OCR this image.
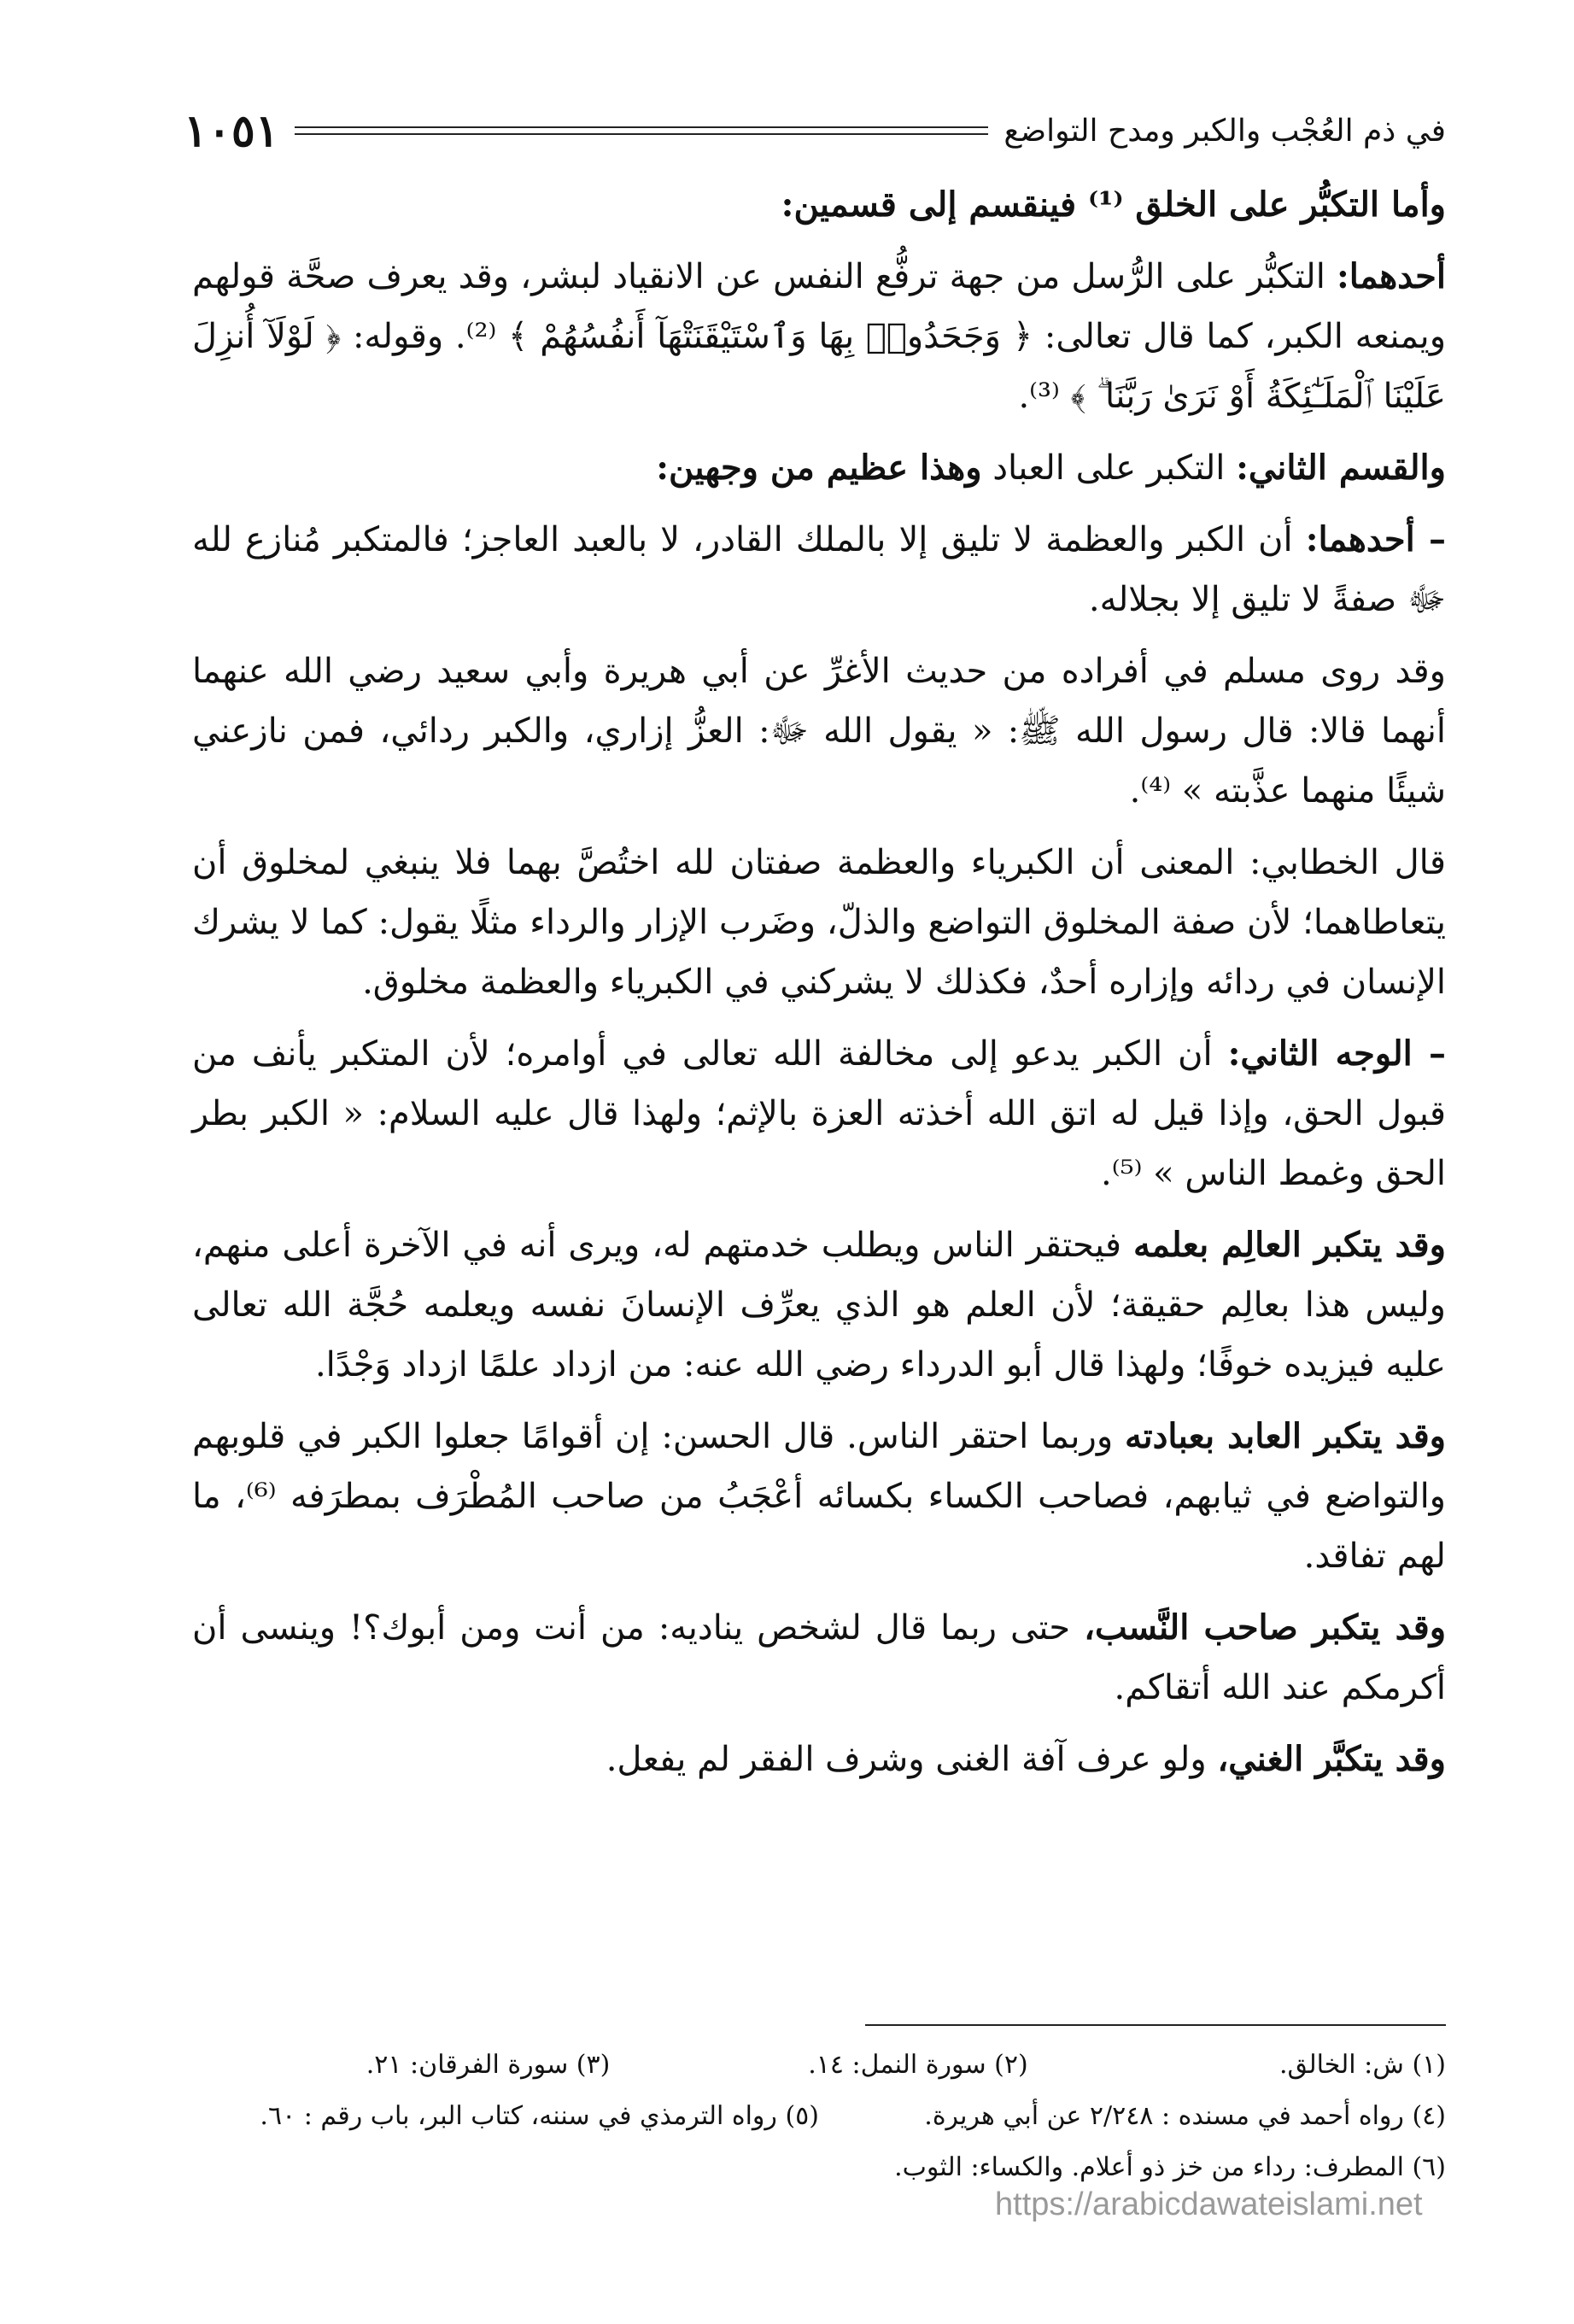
في ذم العُجْب والكبر ومدح التواضع
١٠٥١

وأما التكبُّر على الخلق ⁽¹⁾ فينقسم إلى قسمين:

أحدهما: التكبُّر على الرُّسل من جهة ترفُّع النفس عن الانقياد لبشر، وقد يعرف صحَّة قولهم ويمنعه الكبر، كما قال تعالى: ﴿ وَجَحَدُوا۟ بِهَا وَٱسْتَيْقَنَتْهَآ أَنفُسُهُمْ ﴾ ⁽²⁾. وقوله: ﴿ لَوْلَآ أُنزِلَ عَلَيْنَا ٱلْمَلَـٰٓئِكَةُ أَوْ نَرَىٰ رَبَّنَا ۗ ﴾ ⁽³⁾.

والقسم الثاني: التكبر على العباد وهذا عظيم من وجهين:

– أحدهما: أن الكبر والعظمة لا تليق إلا بالملك القادر، لا بالعبد العاجز؛ فالمتكبر مُنازع لله ﷻ صفةً لا تليق إلا بجلاله.

وقد روى مسلم في أفراده من حديث الأغرِّ عن أبي هريرة وأبي سعيد رضي الله عنهما أنهما قالا: قال رسول الله ﷺ: « يقول الله ﷻ: العزُّ إزاري، والكبر ردائي، فمن نازعني شيئًا منهما عذَّبته » ⁽⁴⁾.

قال الخطابي: المعنى أن الكبرياء والعظمة صفتان لله اختُصَّ بهما فلا ينبغي لمخلوق أن يتعاطاهما؛ لأن صفة المخلوق التواضع والذلّ، وضَرب الإزار والرداء مثلًا يقول: كما لا يشرك الإنسان في ردائه وإزاره أحدٌ، فكذلك لا يشركني في الكبرياء والعظمة مخلوق.

– الوجه الثاني: أن الكبر يدعو إلى مخالفة الله تعالى في أوامره؛ لأن المتكبر يأنف من قبول الحق، وإذا قيل له اتق الله أخذته العزة بالإثم؛ ولهذا قال عليه السلام: « الكبر بطر الحق وغمط الناس » ⁽⁵⁾.

وقد يتكبر العالِم بعلمه فيحتقر الناس ويطلب خدمتهم له، ويرى أنه في الآخرة أعلى منهم، وليس هذا بعالِم حقيقة؛ لأن العلم هو الذي يعرِّف الإنسانَ نفسه ويعلمه حُجَّة الله تعالى عليه فيزيده خوفًا؛ ولهذا قال أبو الدرداء رضي الله عنه: من ازداد علمًا ازداد وَجْدًا.

وقد يتكبر العابد بعبادته وربما احتقر الناس. قال الحسن: إن أقوامًا جعلوا الكبر في قلوبهم والتواضع في ثيابهم، فصاحب الكساء بكسائه أعْجَبُ من صاحب المُطْرَف بمطرَفه ⁽⁶⁾، ما لهم تفاقد.

وقد يتكبر صاحب النَّسب، حتى ربما قال لشخص يناديه: من أنت ومن أبوك؟! وينسى أن أكرمكم عند الله أتقاكم.

وقد يتكبَّر الغني، ولو عرف آفة الغنى وشرف الفقر لم يفعل.

(١) ش: الخالق.
(٢) سورة النمل: ١٤.
(٣) سورة الفرقان: ٢١.
(٤) رواه أحمد في مسنده : ٢/٢٤٨ عن أبي هريرة.
(٥) رواه الترمذي في سننه، كتاب البر، باب رقم : ٦٠.
(٦) المطرف: رداء من خز ذو أعلام. والكساء: الثوب.
https://arabicdawateislami.net
